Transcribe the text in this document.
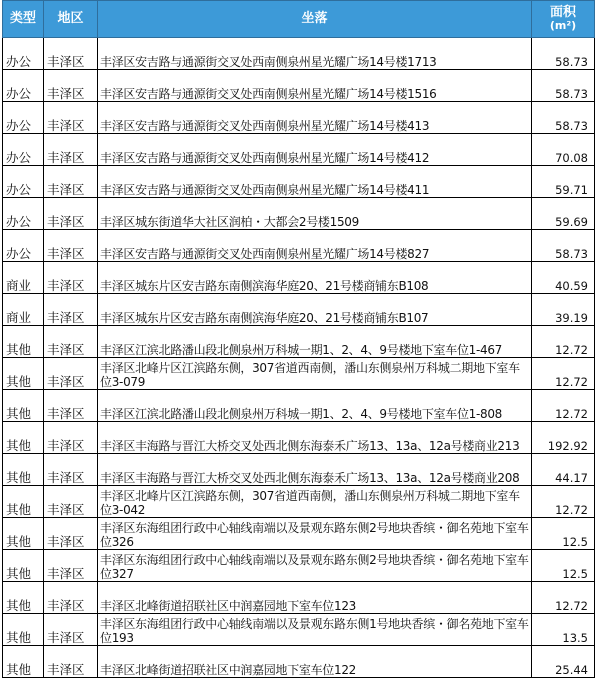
类型	地区	坐落	面积
(m²)

办公	丰泽区	丰泽区安吉路与通源街交叉处西南侧泉州星光耀广场14号楼1713	58.73
办公	丰泽区	丰泽区安吉路与通源街交叉处西南侧泉州星光耀广场14号楼1516	58.73
办公	丰泽区	丰泽区安吉路与通源街交叉处西南侧泉州星光耀广场14号楼413	58.73
办公	丰泽区	丰泽区安吉路与通源街交叉处西南侧泉州星光耀广场14号楼412	70.08
办公	丰泽区	丰泽区安吉路与通源街交叉处西南侧泉州星光耀广场14号楼411	59.71
办公	丰泽区	丰泽区城东街道华大社区润柏・大都会2号楼1509	59.69
办公	丰泽区	丰泽区安吉路与通源街交叉处西南侧泉州星光耀广场14号楼827	58.73
商业	丰泽区	丰泽区城东片区安吉路东南侧滨海华庭20、21号楼商铺东B108	40.59
商业	丰泽区	丰泽区城东片区安吉路东南侧滨海华庭20、21号楼商铺东B107	39.19
其他	丰泽区	丰泽区江滨北路潘山段北侧泉州万科城一期1、2、4、9号楼地下室车位1-467	12.72
其他	丰泽区	丰泽区北峰片区江滨路东侧，307省道西南侧，潘山东侧泉州万科城二期地下室车位3-079	12.72
其他	丰泽区	丰泽区江滨北路潘山段北侧泉州万科城一期1、2、4、9号楼地下室车位1-808	12.72
其他	丰泽区	丰泽区丰海路与晋江大桥交叉处西北侧东海泰禾广场13、13a、12a号楼商业213	192.92
其他	丰泽区	丰泽区丰海路与晋江大桥交叉处西北侧东海泰禾广场13、13a、12a号楼商业208	44.17
其他	丰泽区	丰泽区北峰片区江滨路东侧，307省道西南侧，潘山东侧泉州万科城二期地下室车位3-042	12.72
其他	丰泽区	丰泽区东海组团行政中心轴线南端以及景观东路东侧2号地块香缤・御名苑地下室车位326	12.5
其他	丰泽区	丰泽区东海组团行政中心轴线南端以及景观东路东侧2号地块香缤・御名苑地下室车位327	12.5
其他	丰泽区	丰泽区北峰街道招联社区中润嘉园地下室车位123	12.72
其他	丰泽区	丰泽区东海组团行政中心轴线南端以及景观东路东侧1号地块香缤・御名苑地下室车位193	13.5
其他	丰泽区	丰泽区北峰街道招联社区中润嘉园地下室车位122	25.44
